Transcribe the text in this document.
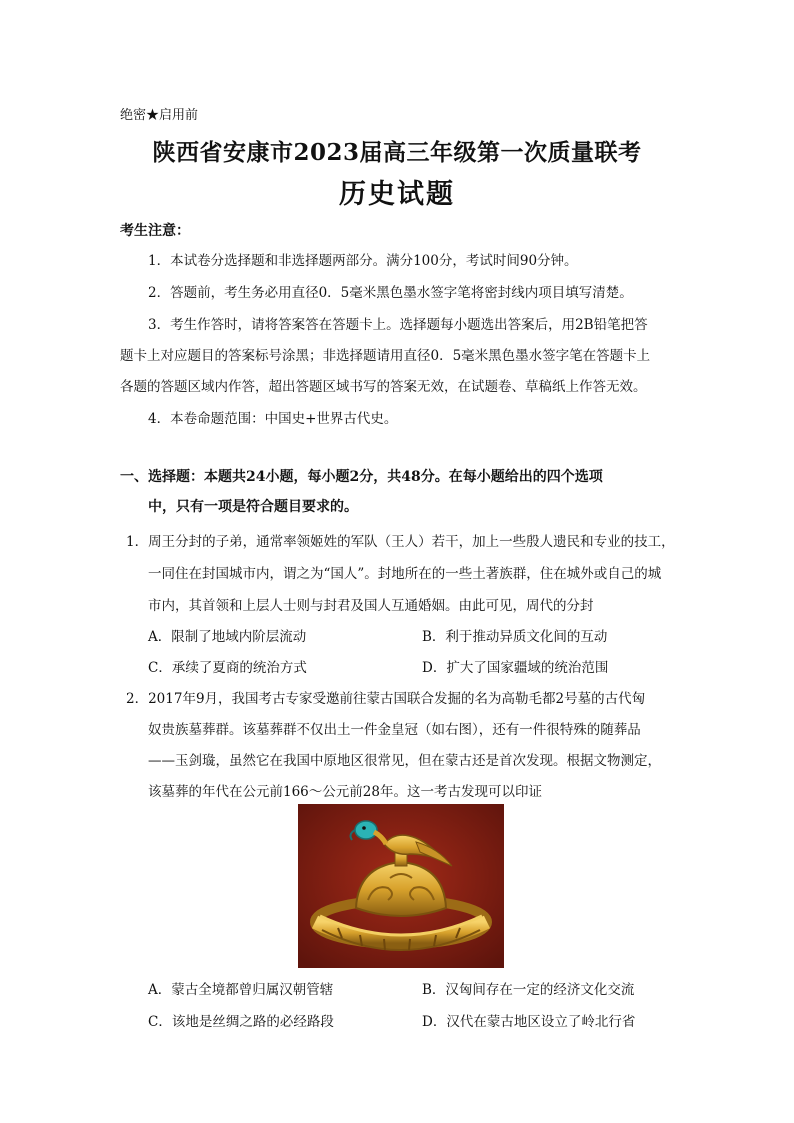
绝密★启用前
陕西省安康市2023届高三年级第一次质量联考
历史试题
考生注意：
1．本试卷分选择题和非选择题两部分。满分100分，考试时间90分钟。
2．答题前，考生务必用直径0．5毫米黑色墨水签字笔将密封线内项目填写清楚。
3．考生作答时，请将答案答在答题卡上。选择题每小题选出答案后，用2B铅笔把答
题卡上对应题目的答案标号涂黑；非选择题请用直径0．5毫米黑色墨水签字笔在答题卡上
各题的答题区域内作答，超出答题区域书写的答案无效，在试题卷、草稿纸上作答无效。
4．本卷命题范围：中国史+世界古代史。
一、选择题：本题共24小题，每小题2分，共48分。在每小题给出的四个选项
中，只有一项是符合题目要求的。
1．周王分封的子弟，通常率领姬姓的军队（王人）若干，加上一些殷人遗民和专业的技工，
一同住在封国城市内，谓之为“国人”。封地所在的一些土著族群，住在城外或自己的城
市内，其首领和上层人士则与封君及国人互通婚姻。由此可见，周代的分封
A．限制了地域内阶层流动	B．利于推动异质文化间的互动
C．承续了夏商的统治方式	D．扩大了国家疆域的统治范围
2．2017年9月，我国考古专家受邀前往蒙古国联合发掘的名为高勒毛都2号墓的古代匈
奴贵族墓葬群。该墓葬群不仅出土一件金皇冠（如右图），还有一件很特殊的随葬品
——玉剑璏，虽然它在我国中原地区很常见，但在蒙古还是首次发现。根据文物测定，
该墓葬的年代在公元前166～公元前28年。这一考古发现可以印证
A．蒙古全境都曾归属汉朝管辖	B．汉匈间存在一定的经济文化交流
C．该地是丝绸之路的必经路段	D．汉代在蒙古地区设立了岭北行省
